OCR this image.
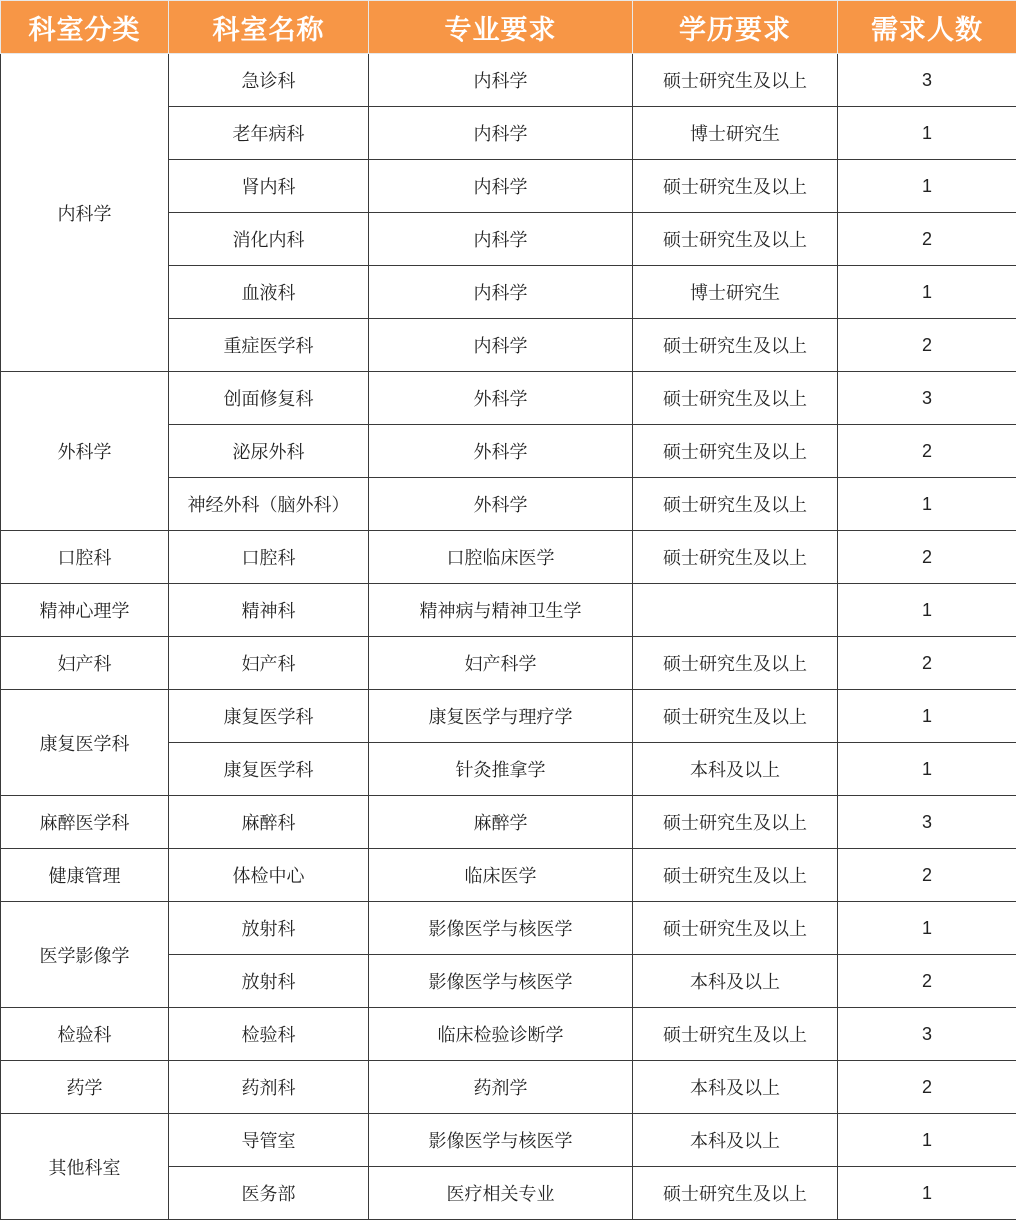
科室分类	科室名称	专业要求	学历要求	需求人数
内科学	急诊科	内科学	硕士研究生及以上	3
	老年病科	内科学	博士研究生	1
	肾内科	内科学	硕士研究生及以上	1
	消化内科	内科学	硕士研究生及以上	2
	血液科	内科学	博士研究生	1
	重症医学科	内科学	硕士研究生及以上	2
外科学	创面修复科	外科学	硕士研究生及以上	3
	泌尿外科	外科学	硕士研究生及以上	2
	神经外科（脑外科）	外科学	硕士研究生及以上	1
口腔科	口腔科	口腔临床医学	硕士研究生及以上	2
精神心理学	精神科	精神病与精神卫生学		1
妇产科	妇产科	妇产科学	硕士研究生及以上	2
康复医学科	康复医学科	康复医学与理疗学	硕士研究生及以上	1
	康复医学科	针灸推拿学	本科及以上	1
麻醉医学科	麻醉科	麻醉学	硕士研究生及以上	3
健康管理	体检中心	临床医学	硕士研究生及以上	2
医学影像学	放射科	影像医学与核医学	硕士研究生及以上	1
	放射科	影像医学与核医学	本科及以上	2
检验科	检验科	临床检验诊断学	硕士研究生及以上	3
药学	药剂科	药剂学	本科及以上	2
其他科室	导管室	影像医学与核医学	本科及以上	1
	医务部	医疗相关专业	硕士研究生及以上	1
